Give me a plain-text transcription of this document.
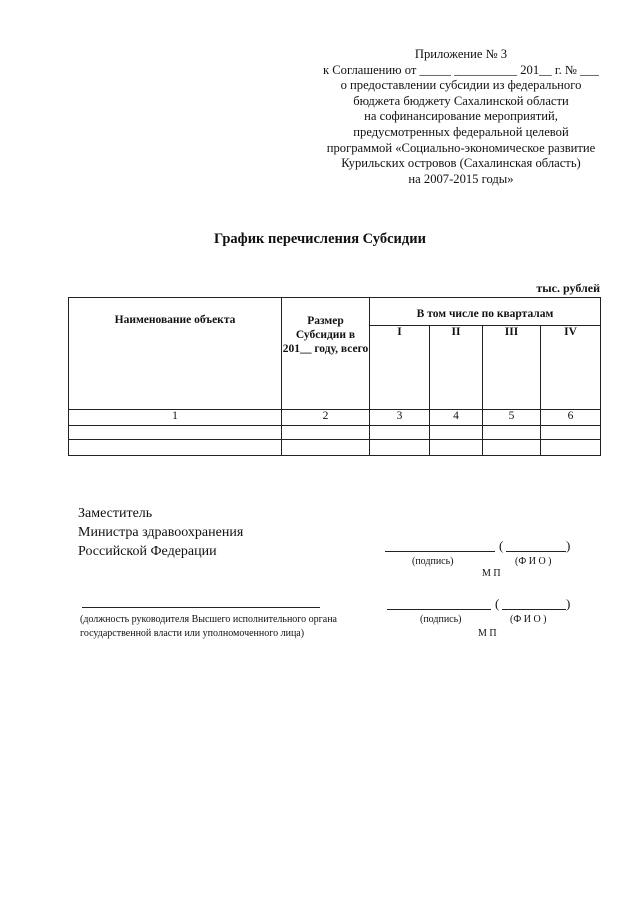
Приложение № 3
к Соглашению от _____ __________ 201__ г. № ___
о предоставлении субсидии из федерального
бюджета бюджету Сахалинской области
на софинансирование мероприятий,
предусмотренных федеральной целевой
программой «Социально-экономическое развитие
Курильских островов (Сахалинская область)
на 2007-2015 годы»
График перечисления Субсидии
тыс. рублей
Наименование объекта	Размер Субсидии в 201__ году, всего	В том числе по кварталам			
		I	II	III	IV
1	2	3	4	5	6

Заместитель
Министра здравоохранения
Российской Федерации	(	)
(подпись)	(Ф И О )
М П
(должность руководителя Высшего исполнительного органа государственной власти или уполномоченного лица)
(	)
(подпись)	(Ф И О )
М П
